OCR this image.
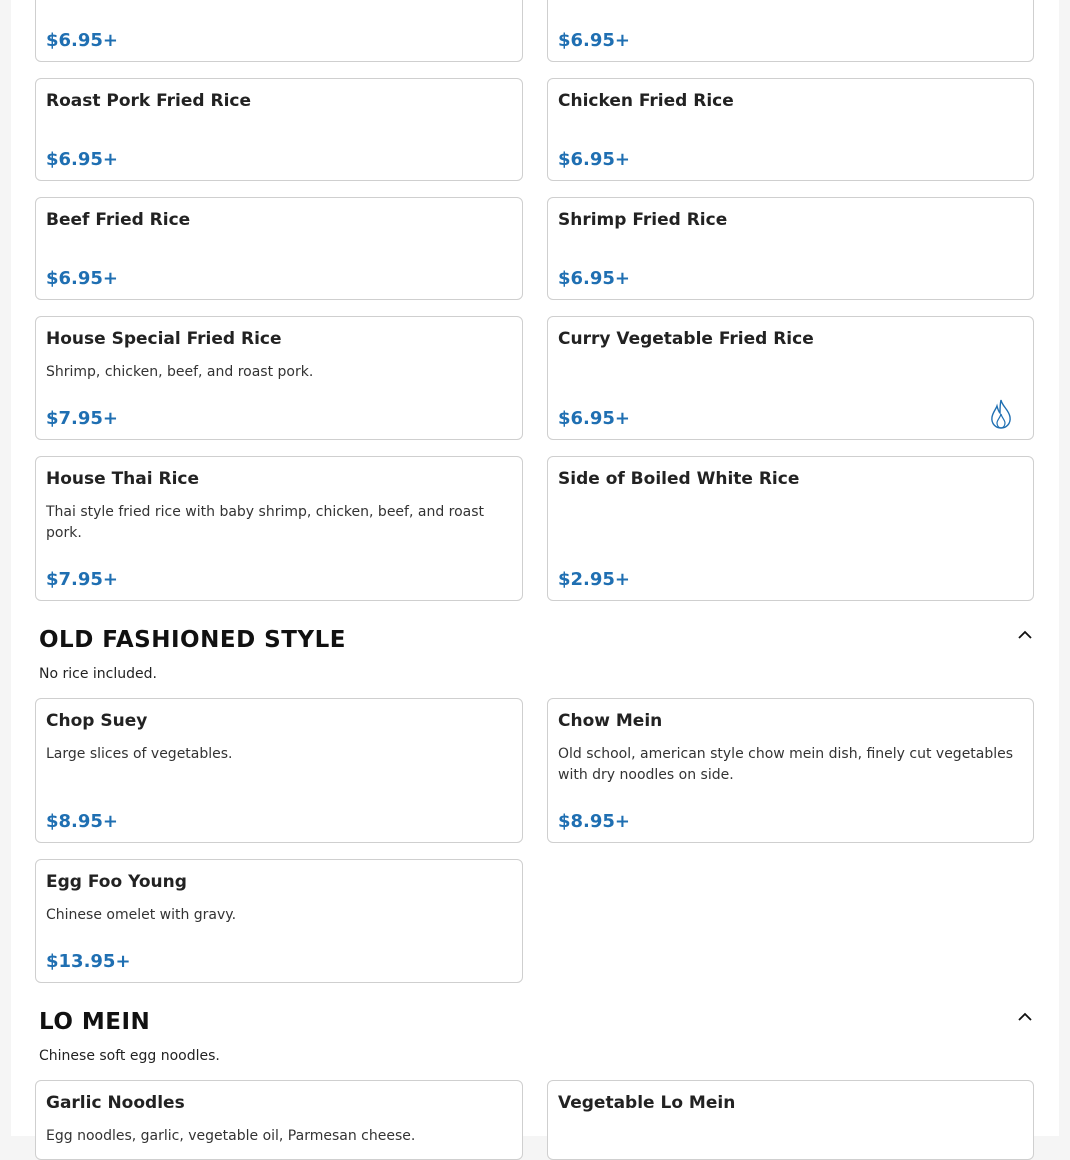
$6.95+	$6.95+
Roast Pork Fried Rice
$6.95+
Chicken Fried Rice
$6.95+
Beef Fried Rice
$6.95+
Shrimp Fried Rice
$6.95+
House Special Fried Rice
Shrimp, chicken, beef, and roast pork.
$7.95+
Curry Vegetable Fried Rice
$6.95+
House Thai Rice
Thai style fried rice with baby shrimp, chicken, beef, and roast pork.
$7.95+
Side of Boiled White Rice
$2.95+
OLD FASHIONED STYLE
No rice included.
Chop Suey
Large slices of vegetables.
$8.95+
Chow Mein
Old school, american style chow mein dish, finely cut vegetables with dry noodles on side.
$8.95+
Egg Foo Young
Chinese omelet with gravy.
$13.95+
LO MEIN
Chinese soft egg noodles.
Garlic Noodles
Egg noodles, garlic, vegetable oil, Parmesan cheese.
Vegetable Lo Mein
